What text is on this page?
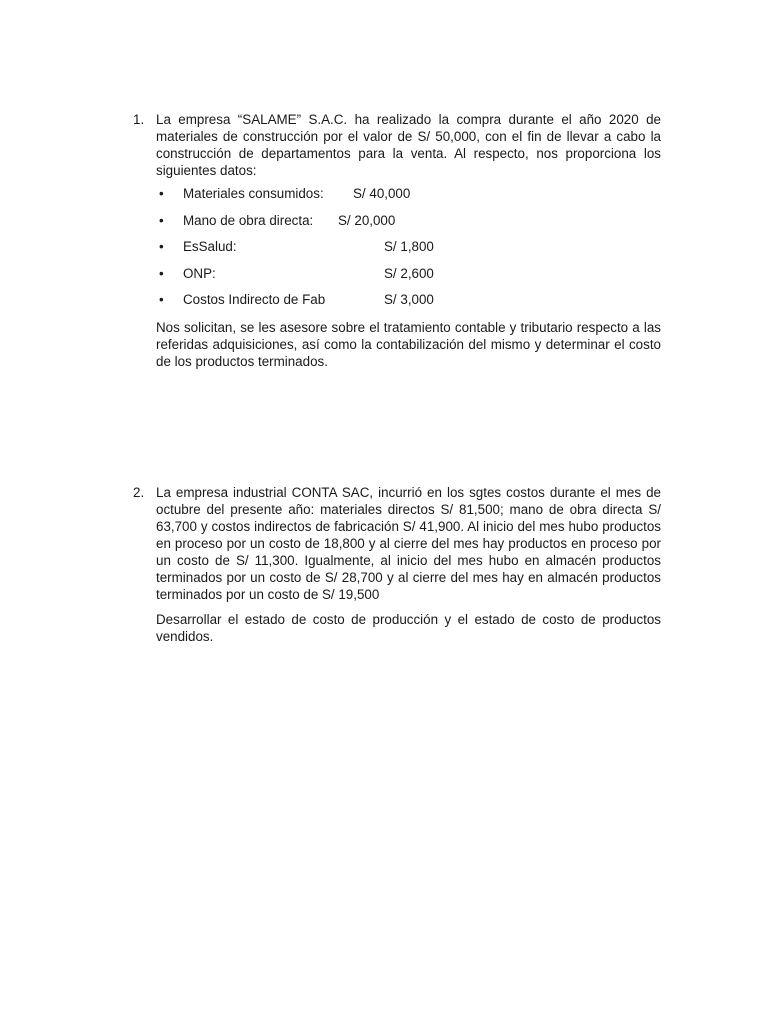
1. La empresa “SALAME” S.A.C. ha realizado la compra durante el año 2020 de materiales de construcción por el valor de S/ 50,000, con el fin de llevar a cabo la construcción de departamentos para la venta. Al respecto, nos proporciona los siguientes datos:

• Materiales consumidos: S/ 40,000
• Mano de obra directa: S/ 20,000
• EsSalud:	S/ 1,800
• ONP:	S/ 2,600
• Costos Indirecto de Fab	S/ 3,000

Nos solicitan, se les asesore sobre el tratamiento contable y tributario respecto a las referidas adquisiciones, así como la contabilización del mismo y determinar el costo de los productos terminados.

2. La empresa industrial CONTA SAC, incurrió en los sgtes costos durante el mes de octubre del presente año: materiales directos S/ 81,500; mano de obra directa S/ 63,700 y costos indirectos de fabricación S/ 41,900. Al inicio del mes hubo productos en proceso por un costo de 18,800 y al cierre del mes hay productos en proceso por un costo de S/ 11,300. Igualmente, al inicio del mes hubo en almacén productos terminados por un costo de S/ 28,700 y al cierre del mes hay en almacén productos terminados por un costo de S/ 19,500

Desarrollar el estado de costo de producción y el estado de costo de productos vendidos.
